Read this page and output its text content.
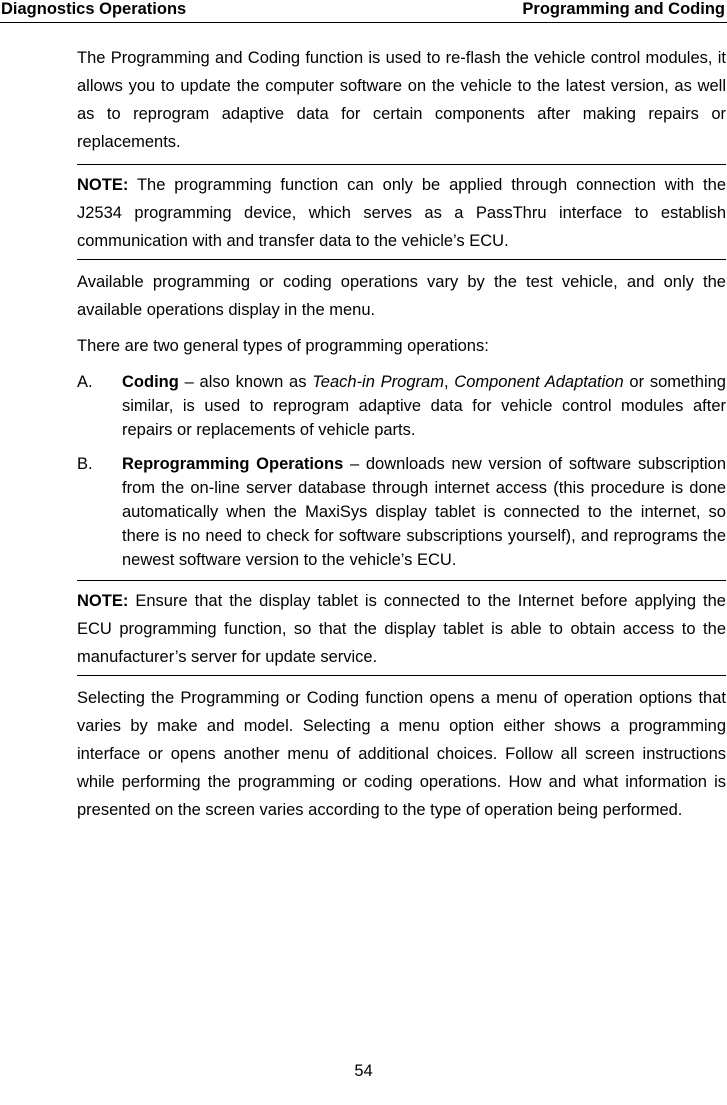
Diagnostics Operations	Programming and Coding

The Programming and Coding function is used to re-flash the vehicle control modules, it allows you to update the computer software on the vehicle to the latest version, as well as to reprogram adaptive data for certain components after making repairs or replacements.

NOTE: The programming function can only be applied through connection with the J2534 programming device, which serves as a PassThru interface to establish communication with and transfer data to the vehicle’s ECU.

Available programming or coding operations vary by the test vehicle, and only the available operations display in the menu.

There are two general types of programming operations:

A.	Coding – also known as Teach-in Program, Component Adaptation or something similar, is used to reprogram adaptive data for vehicle control modules after repairs or replacements of vehicle parts.
B.	Reprogramming Operations – downloads new version of software subscription from the on-line server database through internet access (this procedure is done automatically when the MaxiSys display tablet is connected to the internet, so there is no need to check for software subscriptions yourself), and reprograms the newest software version to the vehicle’s ECU.
NOTE: Ensure that the display tablet is connected to the Internet before applying the ECU programming function, so that the display tablet is able to obtain access to the manufacturer’s server for update service.

Selecting the Programming or Coding function opens a menu of operation options that varies by make and model. Selecting a menu option either shows a programming interface or opens another menu of additional choices. Follow all screen instructions while performing the programming or coding operations. How and what information is presented on the screen varies according to the type of operation being performed.

54
